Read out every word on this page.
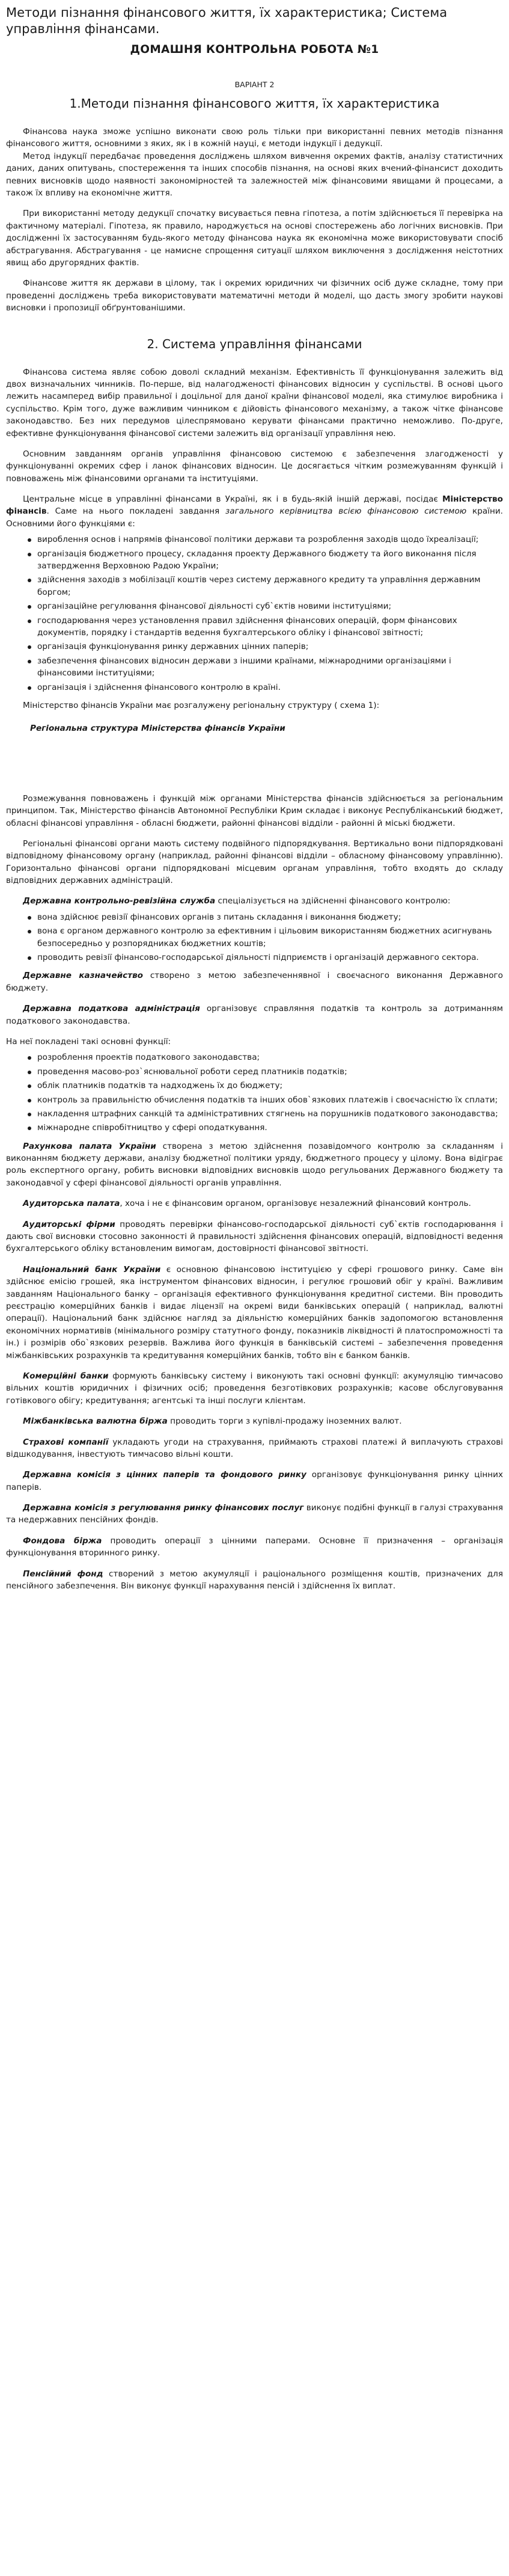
Методи пізнання фінансового життя, їх характеристика; Система управління фінансами.
ДОМАШНЯ КОНТРОЛЬНА РОБОТА №1
ВАРІАНТ 2
1.Методи пізнання фінансового життя, їх характеристика

Фінансова наука зможе успішно виконати свою роль тільки при використанні певних методів пізнання фінансового життя, основними з яких, як і в кожній науці, є методи індукції і дедукції.

Метод індукції передбачає проведення досліджень шляхом вивчення окремих фактів, аналізу статистичних даних, даних опитувань, спостереження та інших способів пізнання, на основі яких вчений-фінансист доходить певних висновків щодо наявності закономірностей та залежностей між фінансовими явищами й процесами, а також їх впливу на економічне життя.

При використанні методу дедукції спочатку висувається певна гіпотеза, а потім здійснюється її перевірка на фактичному матеріалі. Гіпотеза, як правило, народжується на основі спостережень або логічних висновків. При дослідженні їх застосуванням будь-якого методу фінансова наука як економічна може використовувати спосіб абстрагування. Абстрагування - це намисне спрощення ситуації шляхом виключення з дослідження неістотних явищ або другорядних фактів.

Фінансове життя як держави в цілому, так і окремих юридичних чи фізичних осіб дуже складне, тому при проведенні досліджень треба використовувати математичні методи й моделі, що дасть змогу зробити наукові висновки і пропозиції обґрунтованішими.

2. Система управління фінансами

Фінансова система являє собою доволі складний механізм. Ефективність її функціонування залежить від двох визначальних чинників. По-перше, від налагодженості фінансових відносин у суспільстві. В основі цього лежить насамперед вибір правильної і доцільної для даної країни фінансової моделі, яка стимулює виробника і суспільство. Крім того, дуже важливим чинником є дійовість фінансового механізму, а також чітке фінансове законодавство. Без них передумов цілеспрямовано керувати фінансами практично неможливо. По-друге, ефективне функціонування фінансової системи залежить від організації управління нею.

Основним завданням органів управління фінансовою системою є забезпечення злагодженості у функціонуванні окремих сфер і ланок фінансових відносин. Це досягається чітким розмежуванням функцій і повноважень між фінансовими органами та інституціями.

Центральне місце в управлінні фінансами в Україні, як і в будь-якій іншій державі, посідає Міністерство фінансів. Саме на нього покладені завдання загального керівництва всією фінансовою системою країни. Основними його функціями є:

вироблення основ і напрямів фінансової політики держави та розроблення заходів щодо їхреалізації;
організація бюджетного процесу, складання проекту Державного бюджету та його виконання після затвердження Верховною Радою України;
здійснення заходів з мобілізації коштів через систему державного кредиту та управління державним боргом;
організаційне регулювання фінансової діяльності суб`єктів новими інституціями;
господарювання через установлення правил здійснення фінансових операцій, форм фінансових документів, порядку і стандартів ведення бухгалтерського обліку і фінансової звітності;
організація функціонування ринку державних цінних паперів;
забезпечення фінансових відносин держави з іншими країнами, міжнародними організаціями і фінансовими інституціями;
організація і здійснення фінансового контролю в країні.

Міністерство фінансів України має розгалужену регіональну структуру ( схема 1):

Регіональна структура Міністерства фінансів України

Розмежування повноважень і функцій між органами Міністерства фінансів здійснюється за регіональним принципом. Так, Міністерство фінансів Автономної Республіки Крим складає і виконує Республіканський бюджет, обласні фінансові управління - обласні бюджети, районні фінансові відділи - районні й міські бюджети.

Регіональні фінансові органи мають систему подвійного підпорядкування. Вертикально вони підпорядковані відповідному фінансовому органу (наприклад, районні фінансові відділи – обласному фінансовому управлінню). Горизонтально фінансові органи підпорядковані місцевим органам управління, тобто входять до складу відповідних державних адміністрацій.

Державна контрольно-ревізійна служба спеціалізується на здійсненні фінансового контролю:

вона здійснює ревізії фінансових органів з питань складання і виконання бюджету;
вона є органом державного контролю за ефективним і цільовим використанням бюджетних асигнувань безпосередньо у розпорядниках бюджетних коштів;
проводить ревізії фінансово-господарської діяльності підприємств і організацій державного сектора.

Державне казначейство створено з метою забезпеченнявної і своєчасного виконання Державного бюджету.

Державна податкова адміністрація організовує справляння податків та контроль за дотриманням податкового законодавства.

На неї покладені такі основні функції:

розроблення проектів податкового законодавства;
проведення масово-роз`яснювальної роботи серед платників податків;
облік платників податків та надходжень їх до бюджету;
контроль за правильністю обчислення податків та інших обов`язкових платежів і своєчасністю їх сплати;
накладення штрафних санкцій та адміністративних стягнень на порушників податкового законодавства;
міжнародне співробітництво у сфері оподаткування.

Рахункова палата України створена з метою здійснення позавідомчого контролю за складанням і виконанням бюджету держави, аналізу бюджетної політики уряду, бюджетного процесу у цілому. Вона відіграє роль експертного органу, робить висновки відповідних висновків щодо регульованих Державного бюджету та законодавчої у сфері фінансової діяльності органів управління.

Аудиторська палата, хоча і не є фінансовим органом, організовує незалежний фінансовий контроль.

Аудиторські фірми проводять перевірки фінансово-господарської діяльності суб`єктів господарювання і дають свої висновки стосовно законності й правильності здійснення фінансових операцій, відповідності ведення бухгалтерського обліку встановленим вимогам, достовірності фінансової звітності.

Національний банк України є основною фінансовою інституцією у сфері грошового ринку. Саме він здійснює емісію грошей, яка інструментом фінансових відносин, і регулює грошовий обіг у країні. Важливим завданням Національного банку – організація ефективного функціонування кредитної системи. Він проводить реєстрацію комерційних банків і видає ліцензії на окремі види банківських операцій ( наприклад, валютні операції). Національний банк здійснює нагляд за діяльністю комерційних банків задопомогою встановлення економічних нормативів (мінімального розміру статутного фонду, показників ліквідності й платоспроможності та ін.) і розмірів обо`язкових резервів. Важлива його функція в банківській системі – забезпечення проведення міжбанківських розрахунків та кредитування комерційних банків, тобто він є банком банків.

Комерційні банки формують банківську систему і виконують такі основні функції: акумуляцію тимчасово вільних коштів юридичних і фізичних осіб; проведення безготівкових розрахунків; касове обслуговування готівкового обігу; кредитування; агентські та інші послуги клієнтам.

Міжбанківська валютна біржа проводить торги з купівлі-продажу іноземних валют.

Страхові компанії укладають угоди на страхування, приймають страхові платежі й виплачують страхові відшкодування, інвестують тимчасово вільні кошти.

Державна комісія з цінних паперів та фондового ринку організовує функціонування ринку цінних паперів.

Державна комісія з регулювання ринку фінансових послуг виконує подібні функції в галузі страхування та недержавних пенсійних фондів.

Фондова біржа проводить операції з цінними паперами. Основне її призначення – організація функціонування вторинного ринку.

Пенсійний фонд створений з метою акумуляції і раціонального розміщення коштів, призначених для пенсійного забезпечення. Він виконує функції нарахування пенсій і здійснення їх виплат.
